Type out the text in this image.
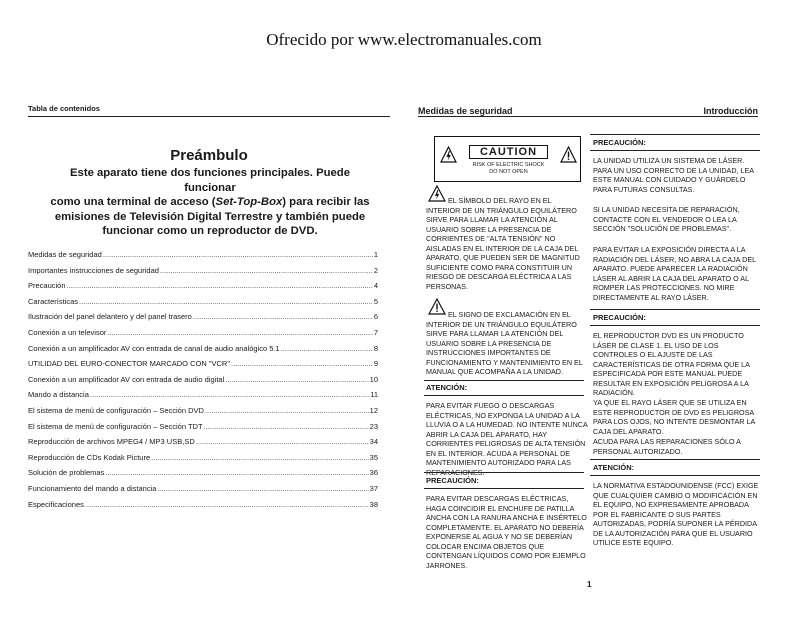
Ofrecido por www.electromanuales.com
Tabla de contenidos
Preámbulo
Este aparato tiene dos funciones principales. Puede funcionar
como una terminal de acceso (Set-Top-Box) para recibir las
emisiones de Televisión Digital Terrestre y también puede
funcionar como un reproductor de DVD.
Medidas de seguridad .....	1
Importantes instrucciones de seguridad .....	2
Precaución .....	4
Características .....	5
Ilustración del panel delantero y del panel trasero .....	6
Conexión a un televisor .....	7
Conexión a un amplificador AV con entrada de canal de audio analógico 5.1 .....	8
UTILIDAD DEL EURO-CONECTOR MARCADO CON "VCR" .....	9
Conexión a un amplificador AV con entrada de audio digital .....	10
Mando a distancia .....	11
El sistema de menú de configuración – Sección DVD .....	12
El sistema de menú de configuración – Sección TDT .....	23
Reproducción de archivos MPEG4 / MP3 USB,SD .....	34
Reproducción de CDs Kodak Picture .....	35
Solución de problemas .....	36
Funcionamiento del mando a distancia .....	37
Especificaciones .....	38
Medidas de seguridad	Introducción
CAUTION
RISK OF ELECTRIC SHOCK
DO NOT OPEN
EL SÍMBOLO DEL RAYO EN EL INTERIOR DE UN TRIÁNGULO EQUILÁTERO SIRVE PARA LLAMAR LA ATENCIÓN AL USUARIO SOBRE LA PRESENCIA DE CORRIENTES DE "ALTA TENSIÓN" NO AISLADAS EN EL INTERIOR DE LA CAJA DEL APARATO, QUE PUEDEN SER DE MAGNITUD SUFICIENTE COMO PARA CONSTITUIR UN RIESGO DE DESCARGA ELÉCTRICA A LAS PERSONAS.
EL SIGNO DE EXCLAMACIÓN EN EL INTERIOR DE UN TRIÁNGULO EQUILÁTERO SIRVE PARA LLAMAR LA ATENCIÓN DEL USUARIO SOBRE LA PRESENCIA DE INSTRUCCIONES IMPORTANTES DE FUNCIONAMIENTO Y MANTENIMIENTO EN EL MANUAL QUE ACOMPAÑA A LA UNIDAD.
ATENCIÓN:
PARA EVITAR FUEGO O DESCARGAS ELÉCTRICAS, NO EXPONGA LA UNIDAD A LA LLUVIA O A LA HUMEDAD. NO INTENTE NUNCA ABRIR LA CAJA DEL APARATO, HAY CORRIENTES PELIGROSAS DE ALTA TENSIÓN EN EL INTERIOR. ACUDA A PERSONAL DE MANTENIMIENTO AUTORIZADO PARA LAS REPARACIONES.
PRECAUCIÓN:
PARA EVITAR DESCARGAS ELÉCTRICAS, HAGA COINCIDIR EL ENCHUFE DE PATILLA ANCHA CON LA RANURA ANCHA E INSÉRTELO COMPLETAMENTE. EL APARATO NO DEBERÍA EXPONERSE AL AGUA Y NO SE DEBERÍAN COLOCAR ENCIMA OBJETOS QUE CONTENGAN LÍQUIDOS COMO POR EJEMPLO JARRONES.
PRECAUCIÓN:
LA UNIDAD UTILIZA UN SISTEMA DE LÁSER. PARA UN USO CORRECTO DE LA UNIDAD, LEA ESTE MANUAL CON CUIDADO Y GUÁRDELO PARA FUTURAS CONSULTAS.
SI LA UNIDAD NECESITA DE REPARACIÓN, CONTACTE CON EL VENDEDOR O LEA LA SECCIÓN "SOLUCIÓN DE PROBLEMAS".
PARA EVITAR LA EXPOSICIÓN DIRECTA A LA RADIACIÓN DEL LÁSER, NO ABRA LA CAJA DEL APARATO. PUEDE APARECER LA RADIACIÓN LÁSER AL ABRIR LA CAJA DEL APARATO O AL ROMPER LAS PROTECCIONES. NO MIRE DIRECTAMENTE AL RAYO LÁSER.
PRECAUCIÓN:
EL REPRODUCTOR DVD ES UN PRODUCTO LÁSER DE CLASE 1. EL USO DE LOS CONTROLES O EL AJUSTE DE LAS CARACTERÍSTICAS DE OTRA FORMA QUE LA ESPECIFICADA POR ESTE MANUAL PUEDE RESULTAR EN EXPOSICIÓN PELIGROSA A LA RADIACIÓN.
YA QUE EL RAYO LÁSER QUE SE UTILIZA EN ESTE REPRODUCTOR DE DVD ES PELIGROSA PARA LOS OJOS, NO INTENTE DESMONTAR LA CAJA DEL APARATO.
ACUDA PARA LAS REPARACIONES SÓLO A PERSONAL AUTORIZADO.
ATENCIÓN:
LA NORMATIVA ESTADOUNIDENSE (FCC) EXIGE QUE CUALQUIER CAMBIO O MODIFICACIÓN EN EL EQUIPO, NO EXPRESAMENTE APROBADA POR EL FABRICANTE O SUS PARTES AUTORIZADAS, PODRÍA SUPONER LA PÉRDIDA DE LA AUTORIZACIÓN PARA QUE EL USUARIO UTILICE ESTE EQUIPO.
1
